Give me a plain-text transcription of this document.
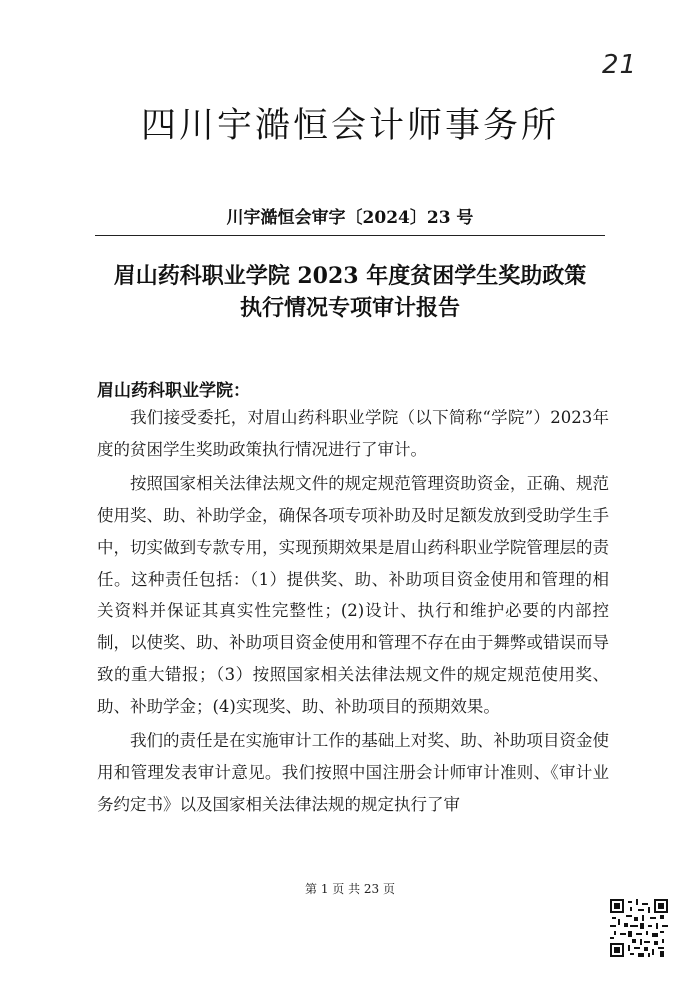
21
四川宇澔恒会计师事务所
川宇澔恒会审字〔2024〕23 号
眉山药科职业学院 2023 年度贫困学生奖助政策
执行情况专项审计报告
眉山药科职业学院：

我们接受委托，对眉山药科职业学院（以下简称“学院”）2023年度的贫困学生奖助政策执行情况进行了审计。

按照国家相关法律法规文件的规定规范管理资助资金，正确、规范使用奖、助、补助学金，确保各项专项补助及时足额发放到受助学生手中，切实做到专款专用，实现预期效果是眉山药科职业学院管理层的责任。这种责任包括：（1）提供奖、助、补助项目资金使用和管理的相关资料并保证其真实性完整性；(2)设计、执行和维护必要的内部控制，以使奖、助、补助项目资金使用和管理不存在由于舞弊或错误而导致的重大错报；（3）按照国家相关法律法规文件的规定规范使用奖、助、补助学金；(4)实现奖、助、补助项目的预期效果。

我们的责任是在实施审计工作的基础上对奖、助、补助项目资金使用和管理发表审计意见。我们按照中国注册会计师审计准则、《审计业务约定书》以及国家相关法律法规的规定执行了审

第 1 页 共 23 页
